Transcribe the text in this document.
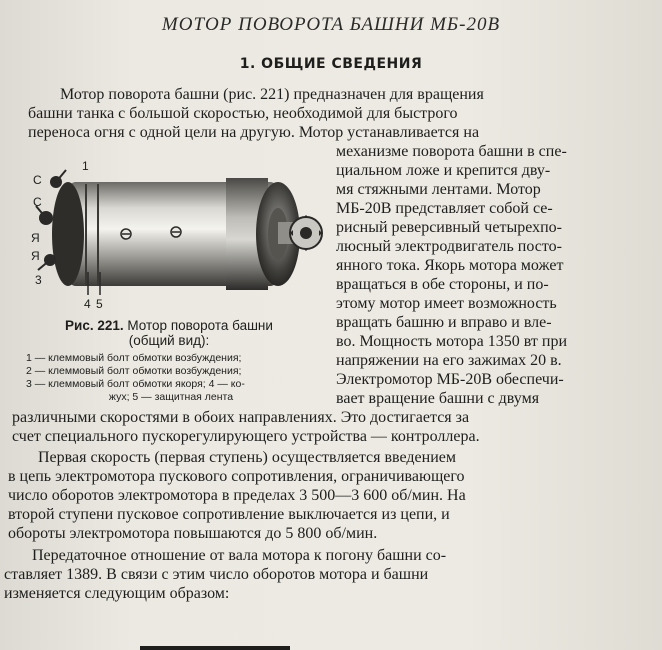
МОТОР ПОВОРОТА БАШНИ МБ-20В
1. ОБЩИЕ СВЕДЕНИЯ
Мотор поворота башни (рис. 221) предназначен для вращения
башни танка с большой скоростью, необходимой для быстрого
переноса огня с одной цели на другую. Мотор устанавливается на
механизме поворота башни в спе-
циальном ложе и крепится дву-
мя стяжными лентами. Мотор
МБ-20В представляет собой се-
рисный реверсивный четырехпо-
люсный электродвигатель посто-
янного тока. Якорь мотора может
вращаться в обе стороны, и по-
этому мотор имеет возможность
вращать башню и вправо и вле-
во. Мощность мотора 1350 вт при
напряжении на его зажимах 20 в.
Электромотор МБ-20В обеспечи-
вает вращение башни с двумя
различными скоростями в обоих направлениях. Это достигается за
счет специального пускорегулирующего устройства — контроллера.
Первая скорость (первая ступень) осуществляется введением
в цепь электромотора пускового сопротивления, ограничивающего
число оборотов электромотора в пределах 3 500—3 600 об/мин. На
второй ступени пусковое сопротивление выключается из цепи, и
обороты электромотора повышаются до 5 800 об/мин.
Передаточное отношение от вала мотора к погону башни со-
ставляет 1389. В связи с этим число оборотов мотора и башни
изменяется следующим образом:
1
С
С
Я
Я
3
4 5
Рис. 221. Мотор поворота башни
(общий вид):
1 — клеммовый болт обмотки возбуждения;
2 — клеммовый болт обмотки возбуждения;
3 — клеммовый болт обмотки якоря; 4 — ко-
жух; 5 — защитная лента
